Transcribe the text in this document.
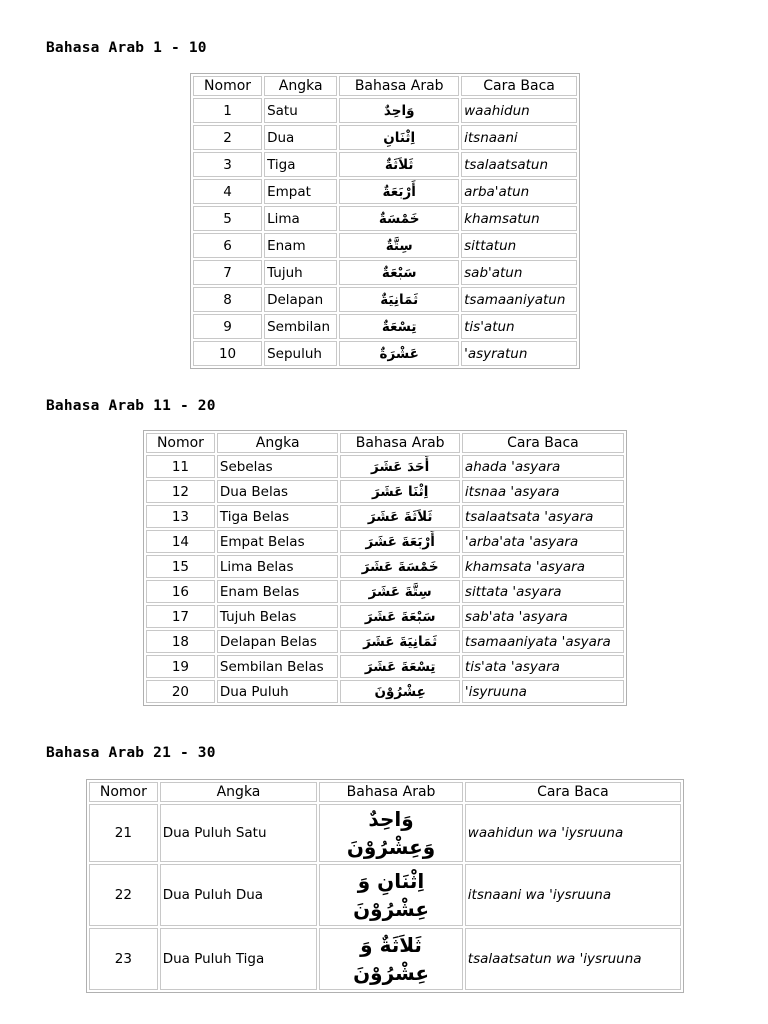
Bahasa Arab 1 - 10
Nomor	Angka	Bahasa Arab	Cara Baca
1	Satu	وَاحِدٌ	waahidun
2	Dua	اِثْنَانِ	itsnaani
3	Tiga	ثَلاَثَةٌ	tsalaatsatun
4	Empat	أَرْبَعَةٌ	arba'atun
5	Lima	خَمْسَةٌ	khamsatun
6	Enam	سِتَّةٌ	sittatun
7	Tujuh	سَبْعَةٌ	sab'atun
8	Delapan	ثَمَانِيَةٌ	tsamaaniyatun
9	Sembilan	تِسْعَةٌ	tis'atun
10	Sepuluh	عَشْرَةٌ	'asyratun
Bahasa Arab 11 - 20
Nomor	Angka	Bahasa Arab	Cara Baca
11	Sebelas	أَحَدَ عَشَرَ	ahada 'asyara
12	Dua Belas	اِثْنَا عَشَرَ	itsnaa 'asyara
13	Tiga Belas	ثَلاَثَةَ عَشَرَ	tsalaatsata 'asyara
14	Empat Belas	أَرْبَعَةَ عَشَرَ	'arba'ata 'asyara
15	Lima Belas	خَمْسَةَ عَشَرَ	khamsata 'asyara
16	Enam Belas	سِتَّةَ عَشَرَ	sittata 'asyara
17	Tujuh Belas	سَبْعَةَ عَشَرَ	sab'ata 'asyara
18	Delapan Belas	ثَمَانِيَةَ عَشَرَ	tsamaaniyata 'asyara
19	Sembilan Belas	تِسْعَةَ عَشَرَ	tis'ata 'asyara
20	Dua Puluh	عِشْرُوْنَ	'isyruuna
Bahasa Arab 21 - 30
Nomor	Angka	Bahasa Arab	Cara Baca
21	Dua Puluh Satu	وَاحِدٌ وَعِشْرُوْنَ	waahidun wa 'iysruuna
22	Dua Puluh Dua	اِثْنَانِ وَ عِشْرُوْنَ	itsnaani wa 'iysruuna
23	Dua Puluh Tiga	ثَلاَثَةٌ وَ عِشْرُوْنَ	tsalaatsatun wa 'iysruuna
